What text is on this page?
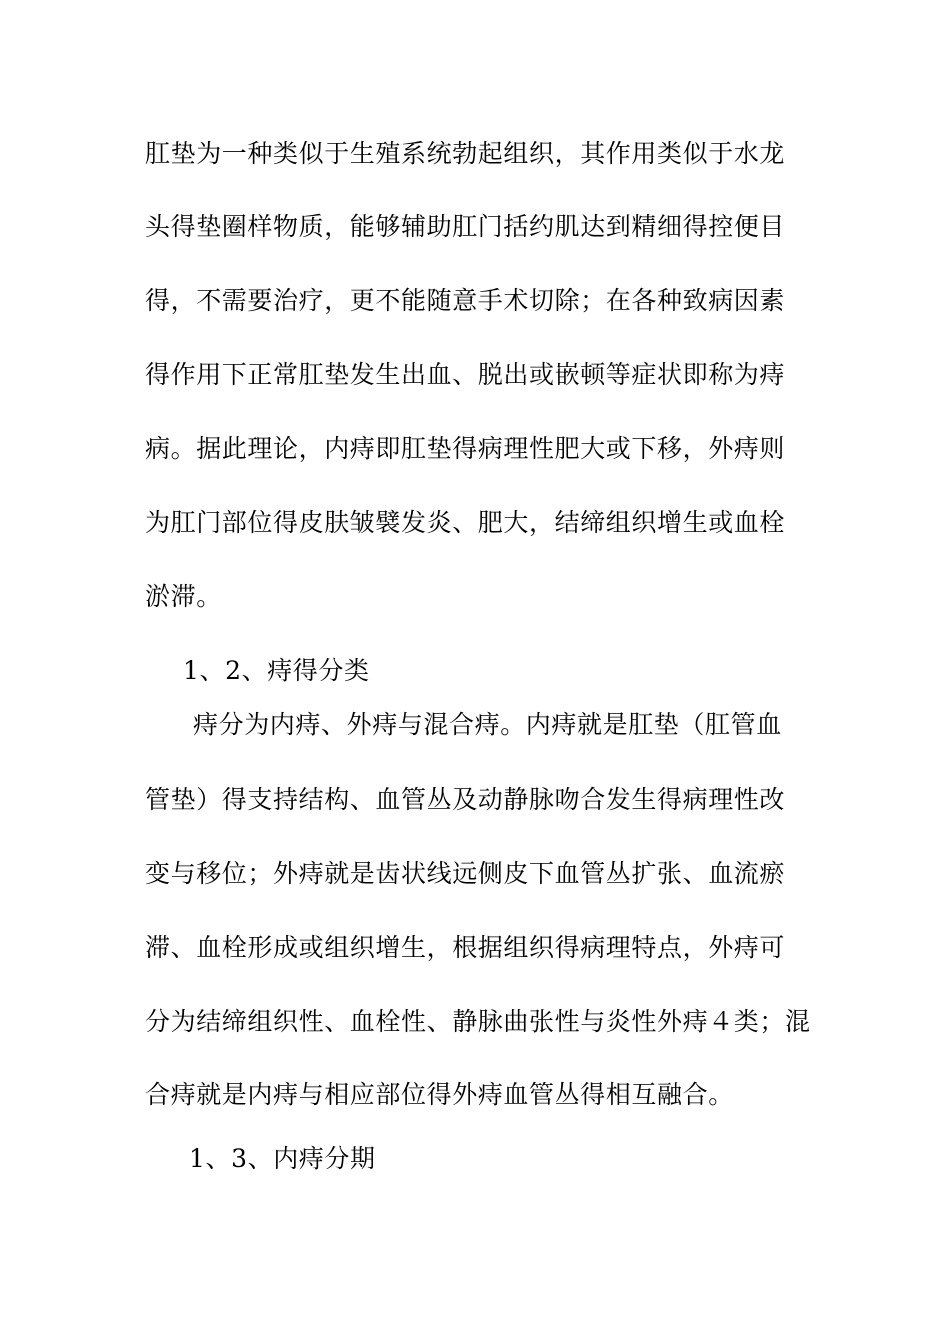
肛垫为一种类似于生殖系统勃起组织，其作用类似于水龙
头得垫圈样物质，能够辅助肛门括约肌达到精细得控便目
得，不需要治疗，更不能随意手术切除；在各种致病因素
得作用下正常肛垫发生出血、脱出或嵌顿等症状即称为痔
病。据此理论，内痔即肛垫得病理性肥大或下移，外痔则
为肛门部位得皮肤皱襞发炎、肥大，结缔组织增生或血栓
淤滞。
1、2、痔得分类
痔分为内痔、外痔与混合痔。内痔就是肛垫（肛管血
管垫）得支持结构、血管丛及动静脉吻合发生得病理性改
变与移位；外痔就是齿状线远侧皮下血管丛扩张、血流瘀
滞、血栓形成或组织增生，根据组织得病理特点，外痔可
分为结缔组织性、血栓性、静脉曲张性与炎性外痔４类；混
合痔就是内痔与相应部位得外痔血管丛得相互融合。
1、3、内痔分期
